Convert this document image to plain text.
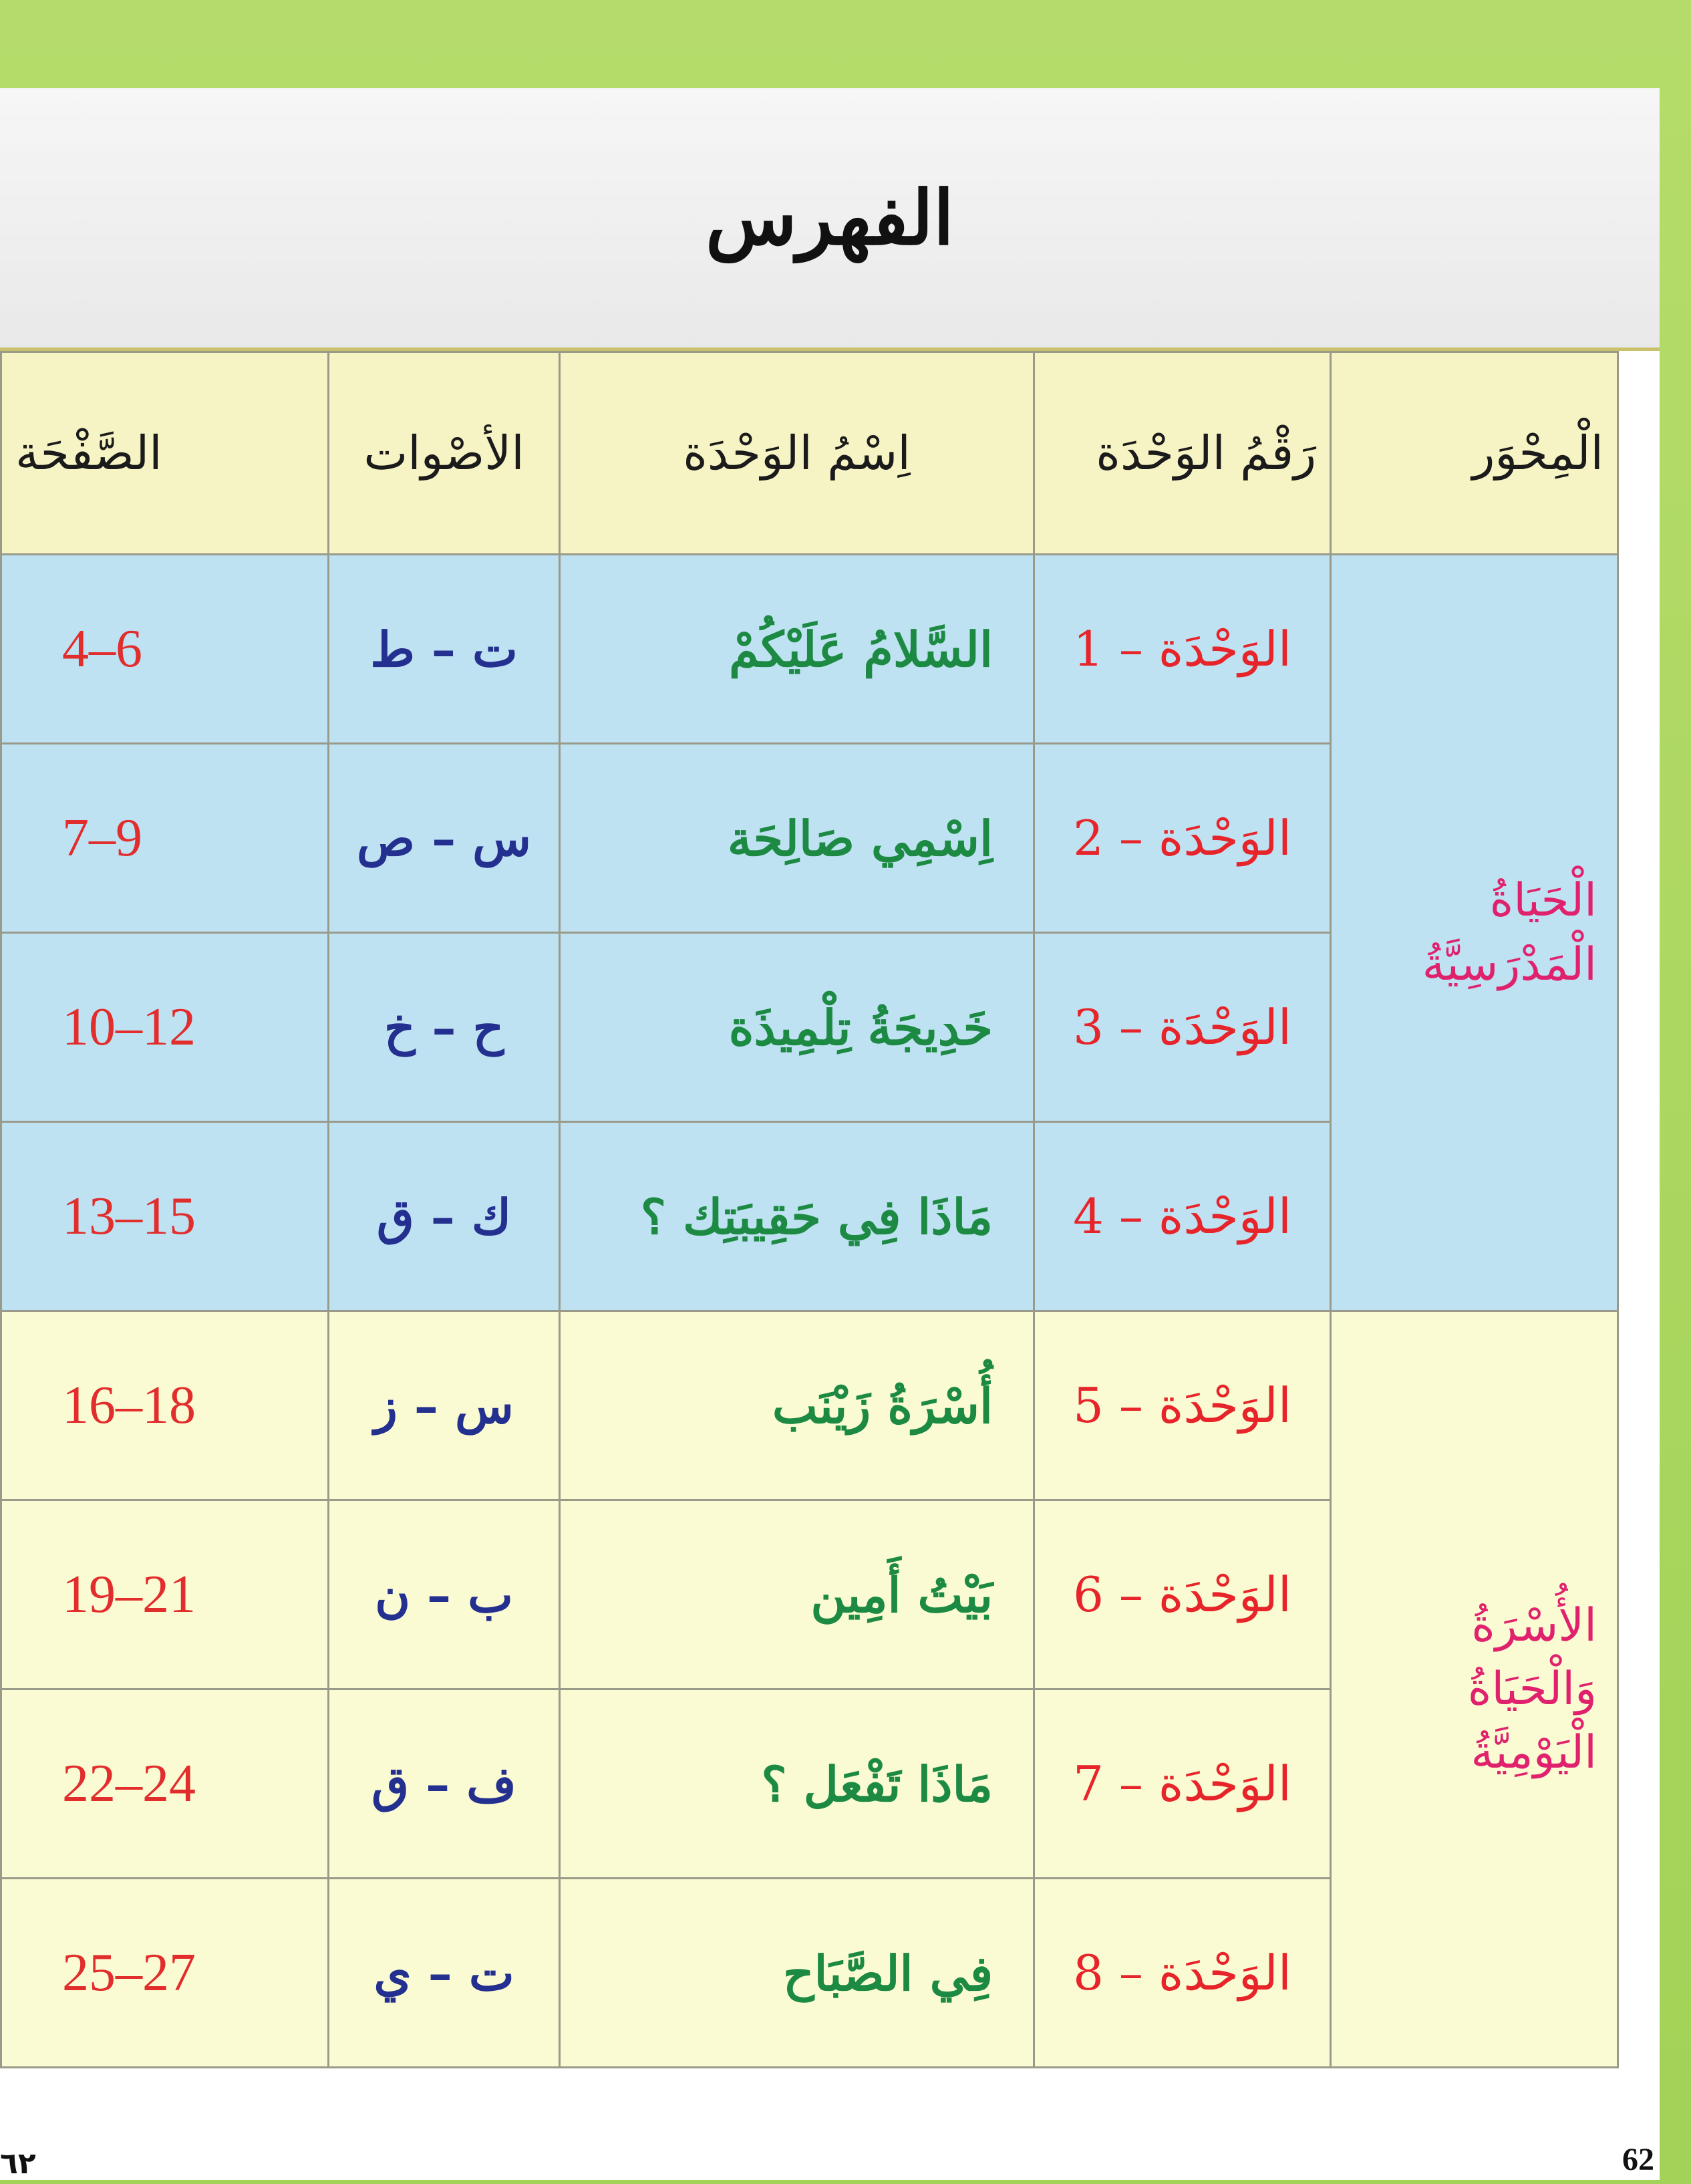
الفهرس
الْمِحْوَر	رَقْمُ الوَحْدَة	اِسْمُ الوَحْدَة	الأصْوات	الصَّفْحَة
الْحَيَاةُ الْمَدْرَسِيَّةُ	الوَحْدَة – 1	السَّلامُ عَلَيْكُمْ	ت – ط	6–4
	الوَحْدَة – 2	اِسْمِي صَالِحَة	س – ص	9–7
	الوَحْدَة – 3	خَدِيجَةُ تِلْمِيذَة	ح – خ	12–10
	الوَحْدَة – 4	مَاذَا فِي حَقِيبَتِك ؟	ك – ق	15–13
الأُسْرَةُ وَالْحَيَاةُ الْيَوْمِيَّةُ	الوَحْدَة – 5	أُسْرَةُ زَيْنَب	س – ز	18–16
	الوَحْدَة – 6	بَيْتُ أَمِين	ب – ن	21–19
	الوَحْدَة – 7	مَاذَا تَفْعَل ؟	ف – ق	24–22
	الوَحْدَة – 8	فِي الصَّبَاح	ت – ي	27–25
٦٢	62
